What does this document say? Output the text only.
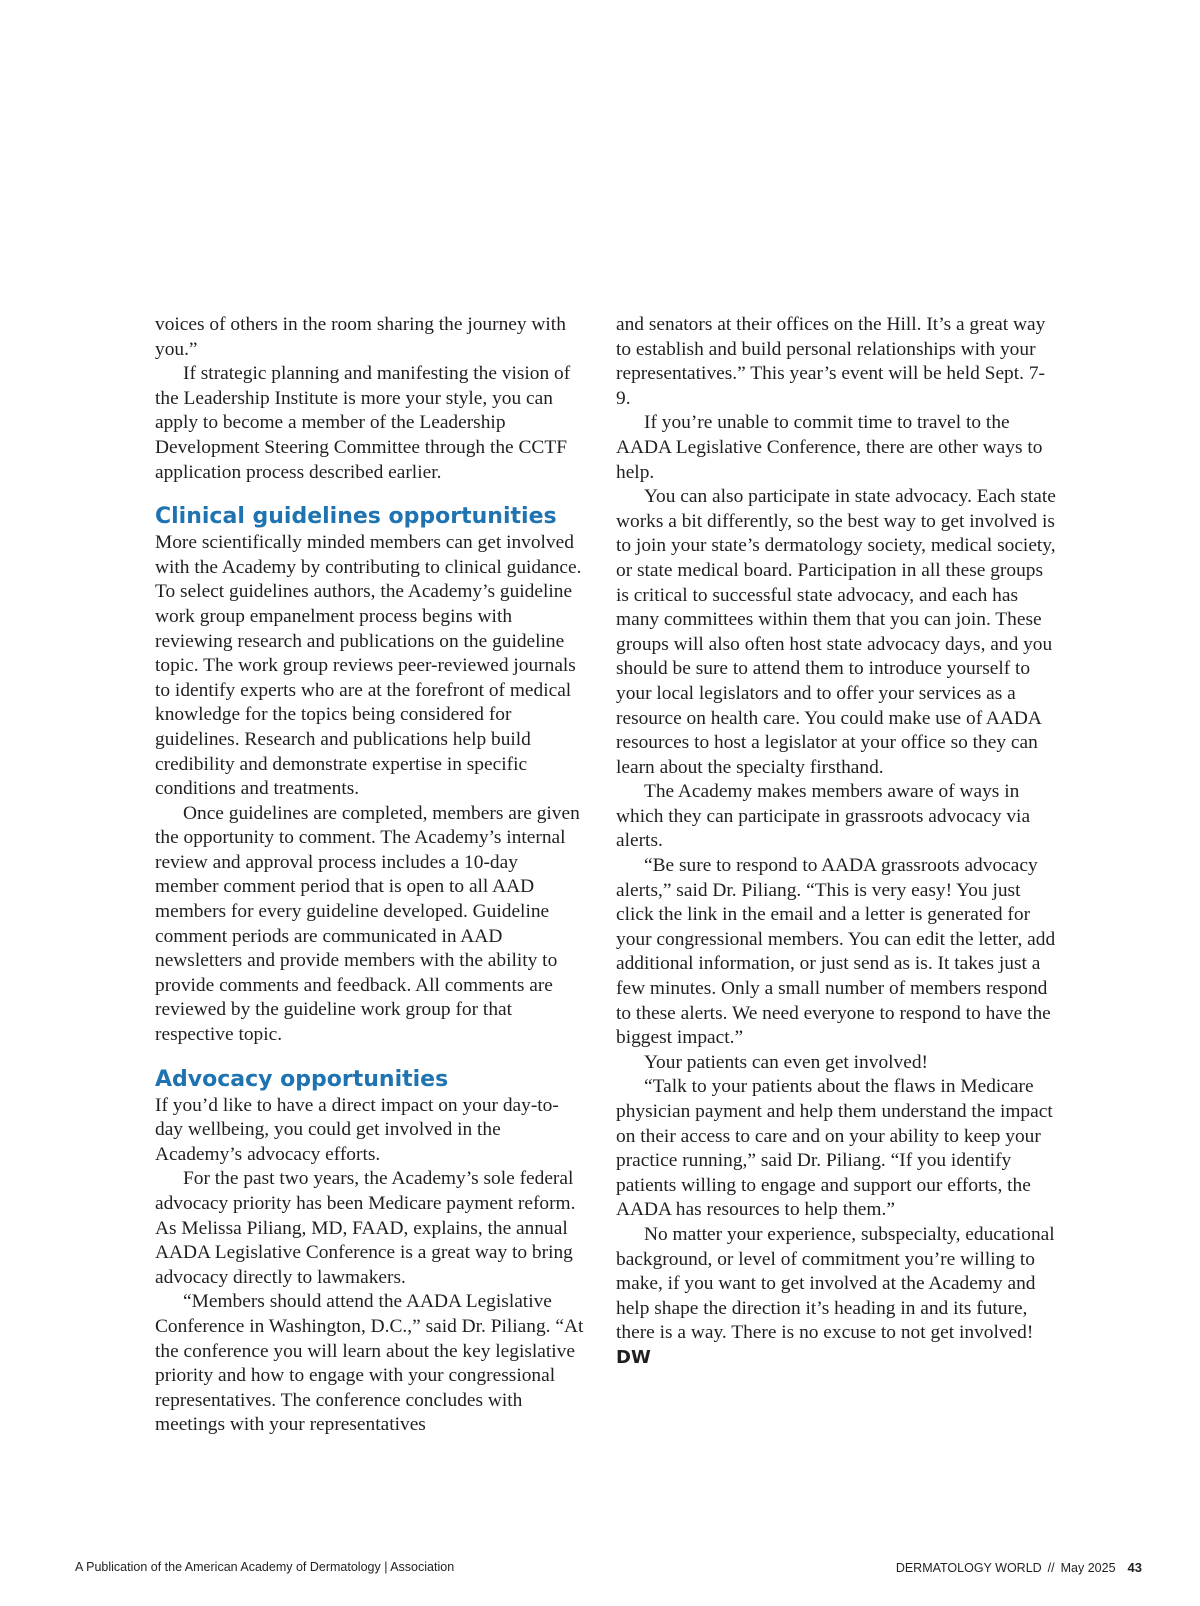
voices of others in the room sharing the journey with you.”

If strategic planning and manifesting the vision of the Leadership Institute is more your style, you can apply to become a member of the Leadership Development Steering Committee through the CCTF application process described earlier.

Clinical guidelines opportunities

More scientifically minded members can get involved with the Academy by contributing to clinical guidance. To select guidelines authors, the Academy’s guideline work group empanelment process begins with reviewing research and publications on the guideline topic. The work group reviews peer-reviewed journals to identify experts who are at the forefront of medical knowledge for the topics being considered for guidelines. Research and publications help build credibility and demonstrate expertise in specific conditions and treatments.

Once guidelines are completed, members are given the opportunity to comment. The Academy’s internal review and approval process includes a 10-day member comment period that is open to all AAD members for every guideline developed. Guideline comment periods are communicated in AAD newsletters and provide members with the ability to provide comments and feedback. All comments are reviewed by the guideline work group for that respective topic.

Advocacy opportunities

If you’d like to have a direct impact on your day-to-day wellbeing, you could get involved in the Academy’s advocacy efforts.

For the past two years, the Academy’s sole federal advocacy priority has been Medicare payment reform. As Melissa Piliang, MD, FAAD, explains, the annual AADA Legislative Conference is a great way to bring advocacy directly to lawmakers.

“Members should attend the AADA Legislative Conference in Washington, D.C.,” said Dr. Piliang. “At the conference you will learn about the key legislative priority and how to engage with your congressional representatives. The conference concludes with meetings with your representatives

and senators at their offices on the Hill. It’s a great way to establish and build personal relationships with your representatives.” This year’s event will be held Sept. 7-9.

If you’re unable to commit time to travel to the AADA Legislative Conference, there are other ways to help.

You can also participate in state advocacy. Each state works a bit differently, so the best way to get involved is to join your state’s dermatology society, medical society, or state medical board. Participation in all these groups is critical to successful state advocacy, and each has many committees within them that you can join. These groups will also often host state advocacy days, and you should be sure to attend them to introduce yourself to your local legislators and to offer your services as a resource on health care. You could make use of AADA resources to host a legislator at your office so they can learn about the specialty firsthand.

The Academy makes members aware of ways in which they can participate in grassroots advocacy via alerts.

“Be sure to respond to AADA grassroots advocacy alerts,” said Dr. Piliang. “This is very easy! You just click the link in the email and a letter is generated for your congressional members. You can edit the letter, add additional information, or just send as is. It takes just a few minutes. Only a small number of members respond to these alerts. We need everyone to respond to have the biggest impact.”

Your patients can even get involved!

“Talk to your patients about the flaws in Medicare physician payment and help them understand the impact on their access to care and on your ability to keep your practice running,” said Dr. Piliang. “If you identify patients willing to engage and support our efforts, the AADA has resources to help them.”

No matter your experience, subspecialty, educational background, or level of commitment you’re willing to make, if you want to get involved at the Academy and help shape the direction it’s heading in and its future, there is a way. There is no excuse to not get involved! DW

A Publication of the American Academy of Dermatology | Association	DERMATOLOGY WORLD // May 2025 43
